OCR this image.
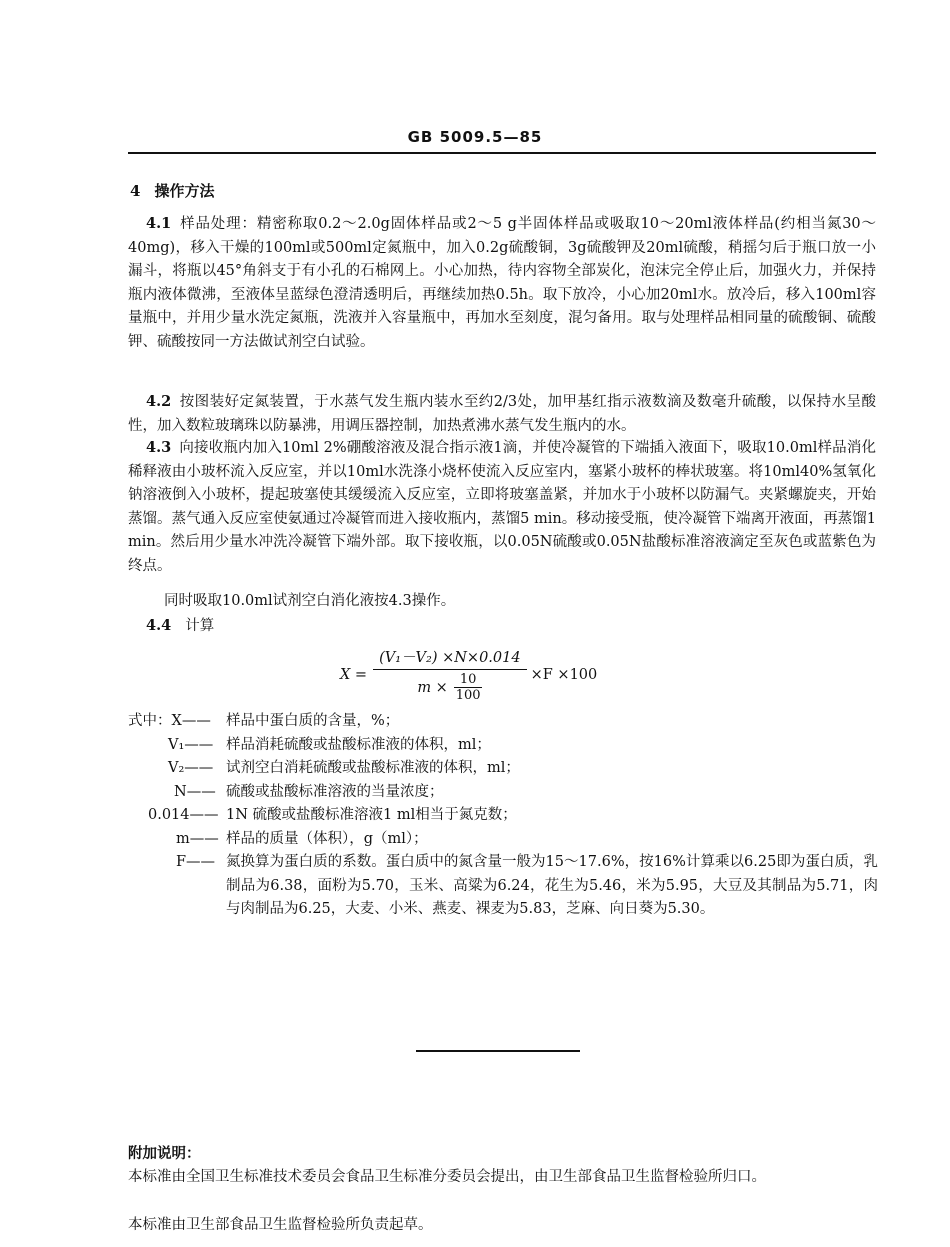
GB 5009.5—85
4 操作方法
4.1 样品处理：精密称取0.2～2.0g固体样品或2～5 g半固体样品或吸取10～20ml液体样品(约相当氮30～40mg)，移入干燥的100ml或500ml定氮瓶中，加入0.2g硫酸铜，3g硫酸钾及20ml硫酸，稍摇匀后于瓶口放一小漏斗，将瓶以45°角斜支于有小孔的石棉网上。小心加热，待内容物全部炭化，泡沫完全停止后，加强火力，并保持瓶内液体微沸，至液体呈蓝绿色澄清透明后，再继续加热0.5h。取下放冷，小心加20ml水。放冷后，移入100ml容量瓶中，并用少量水洗定氮瓶，洗液并入容量瓶中，再加水至刻度，混匀备用。取与处理样品相同量的硫酸铜、硫酸钾、硫酸按同一方法做试剂空白试验。
4.2 按图装好定氮装置，于水蒸气发生瓶内装水至约2/3处，加甲基红指示液数滴及数毫升硫酸，以保持水呈酸性，加入数粒玻璃珠以防暴沸，用调压器控制，加热煮沸水蒸气发生瓶内的水。
4.3 向接收瓶内加入10ml 2%硼酸溶液及混合指示液1滴，并使冷凝管的下端插入液面下，吸取10.0ml样品消化稀释液由小玻杯流入反应室，并以10ml水洗涤小烧杯使流入反应室内，塞紧小玻杯的棒状玻塞。将10ml40%氢氧化钠溶液倒入小玻杯，提起玻塞使其缓缓流入反应室，立即将玻塞盖紧，并加水于小玻杯以防漏气。夹紧螺旋夹，开始蒸馏。蒸气通入反应室使氨通过冷凝管而进入接收瓶内，蒸馏5 min。移动接受瓶，使冷凝管下端离开液面，再蒸馏1 min。然后用少量水冲洗冷凝管下端外部。取下接收瓶，以0.05N硫酸或0.05N盐酸标准溶液滴定至灰色或蓝紫色为终点。
同时吸取10.0ml试剂空白消化液按4.3操作。
4.4 计算
$X = \frac{\text{(V₁－V₂) ×N×0.014}}{m \times \frac{10}{100}} \times F \times 100$
式中：X—— 样品中蛋白质的含量，%；
V₁—— 样品消耗硫酸或盐酸标准液的体积，ml；
V₂—— 试剂空白消耗硫酸或盐酸标准液的体积，ml；
N—— 硫酸或盐酸标准溶液的当量浓度；
0.014—— 1N 硫酸或盐酸标准溶液1 ml相当于氮克数；
m—— 样品的质量（体积），g（ml）；
F—— 氮换算为蛋白质的系数。蛋白质中的氮含量一般为15～17.6%，按16%计算乘以6.25即为蛋白质，乳制品为6.38，面粉为5.70，玉米、高粱为6.24，花生为5.46，米为5.95，大豆及其制品为5.71，肉与肉制品为6.25，大麦、小米、燕麦、裸麦为5.83，芝麻、向日葵为5.30。
附加说明：
本标准由全国卫生标准技术委员会食品卫生标准分委员会提出，由卫生部食品卫生监督检验所归口。
本标准由卫生部食品卫生监督检验所负责起草。
